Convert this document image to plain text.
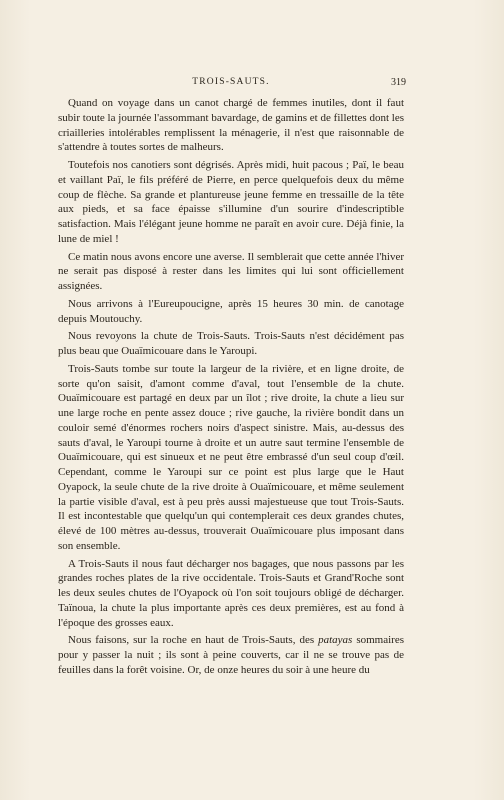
TROIS-SAUTS.	319

Quand on voyage dans un canot chargé de femmes inutiles, dont il faut subir toute la journée l'assommant bavardage, de gamins et de fillettes dont les criailleries intolérables remplissent la ménagerie, il n'est que raisonnable de s'attendre à toutes sortes de malheurs.

Toutefois nos canotiers sont dégrisés. Après midi, huit pacous ; Paï, le beau et vaillant Paï, le fils préféré de Pierre, en perce quelquefois deux du même coup de flèche. Sa grande et plantureuse jeune femme en tressaille de la tête aux pieds, et sa face épaisse s'illumine d'un sourire d'indescriptible satisfaction. Mais l'élégant jeune homme ne paraît en avoir cure. Déjà finie, la lune de miel !

Ce matin nous avons encore une averse. Il semblerait que cette année l'hiver ne serait pas disposé à rester dans les limites qui lui sont officiellement assignées.

Nous arrivons à l'Eureupoucigne, après 15 heures 30 min. de canotage depuis Moutouchy.

Nous revoyons la chute de Trois-Sauts. Trois-Sauts n'est décidément pas plus beau que Ouaïmicouare dans le Yaroupi.

Trois-Sauts tombe sur toute la largeur de la rivière, et en ligne droite, de sorte qu'on saisit, d'amont comme d'aval, tout l'ensemble de la chute. Ouaïmicouare est partagé en deux par un îlot ; rive droite, la chute a lieu sur une large roche en pente assez douce ; rive gauche, la rivière bondit dans un couloir semé d'énormes rochers noirs d'aspect sinistre. Mais, au-dessus des sauts d'aval, le Yaroupi tourne à droite et un autre saut termine l'ensemble de Ouaïmicouare, qui est sinueux et ne peut être embrassé d'un seul coup d'œil. Cependant, comme le Yaroupi sur ce point est plus large que le Haut Oyapock, la seule chute de la rive droite à Ouaïmicouare, et même seulement la partie visible d'aval, est à peu près aussi majestueuse que tout Trois-Sauts. Il est incontestable que quelqu'un qui contemplerait ces deux grandes chutes, élevé de 100 mètres au-dessus, trouverait Ouaïmicouare plus imposant dans son ensemble.

A Trois-Sauts il nous faut décharger nos bagages, que nous passons par les grandes roches plates de la rive occidentale. Trois-Sauts et Grand'Roche sont les deux seules chutes de l'Oyapock où l'on soit toujours obligé de décharger. Taïnoua, la chute la plus importante après ces deux premières, est au fond à l'époque des grosses eaux.

Nous faisons, sur la roche en haut de Trois-Sauts, des patayas sommaires pour y passer la nuit ; ils sont à peine couverts, car il ne se trouve pas de feuilles dans la forêt voisine. Or, de onze heures du soir à une heure du
